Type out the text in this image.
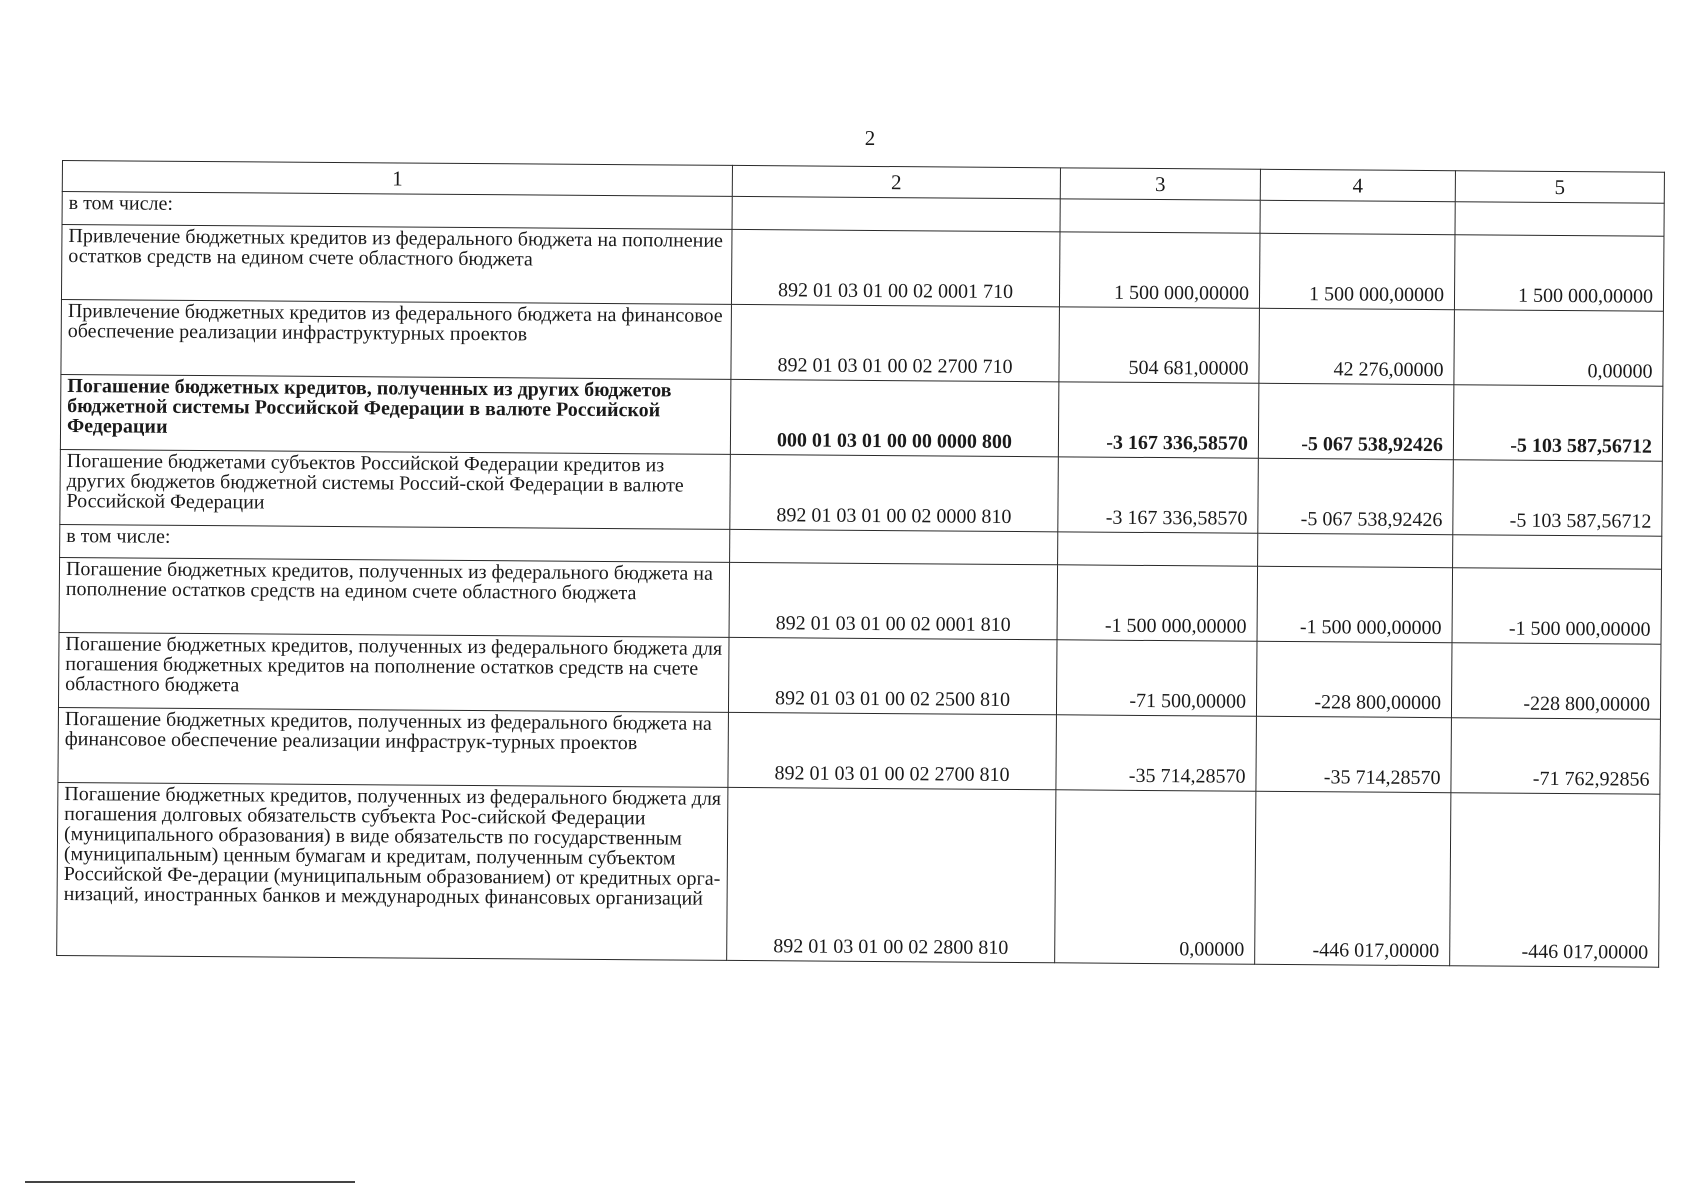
2
1	2	3	4	5
в том числе:				
Привлечение бюджетных кредитов из федерального бюджета на пополнение остатков средств на едином счете областного бюджета	892 01 03 01 00 02 0001 710	1 500 000,00000	1 500 000,00000	1 500 000,00000
Привлечение бюджетных кредитов из федерального бюджета на финансовое обеспечение реализации инфраструктурных проектов	892 01 03 01 00 02 2700 710	504 681,00000	42 276,00000	0,00000
Погашение бюджетных кредитов, полученных из других бюджетов бюджетной системы Российской Федерации в валюте Российской Федерации	000 01 03 01 00 00 0000 800	-3 167 336,58570	-5 067 538,92426	-5 103 587,56712
Погашение бюджетами субъектов Российской Федерации кредитов из других бюджетов бюджетной системы Россий-ской Федерации в валюте Российской Федерации	892 01 03 01 00 02 0000 810	-3 167 336,58570	-5 067 538,92426	-5 103 587,56712
в том числе:				
Погашение бюджетных кредитов, полученных из федерального бюджета на пополнение остатков средств на едином счете областного бюджета	892 01 03 01 00 02 0001 810	-1 500 000,00000	-1 500 000,00000	-1 500 000,00000
Погашение бюджетных кредитов, полученных из федерального бюджета для погашения бюджетных кредитов на пополнение остатков средств на счете областного бюджета	892 01 03 01 00 02 2500 810	-71 500,00000	-228 800,00000	-228 800,00000
Погашение бюджетных кредитов, полученных из федерального бюджета на финансовое обеспечение реализации инфраструк-турных проектов	892 01 03 01 00 02 2700 810	-35 714,28570	-35 714,28570	-71 762,92856
Погашение бюджетных кредитов, полученных из федерального бюджета для погашения долговых обязательств субъекта Рос-сийской Федерации (муниципального образования) в виде обязательств по государственным (муниципальным) ценным бумагам и кредитам, полученным субъектом Российской Фе-дерации (муниципальным образованием) от кредитных орга-низаций, иностранных банков и международных финансовых организаций	892 01 03 01 00 02 2800 810	0,00000	-446 017,00000	-446 017,00000
